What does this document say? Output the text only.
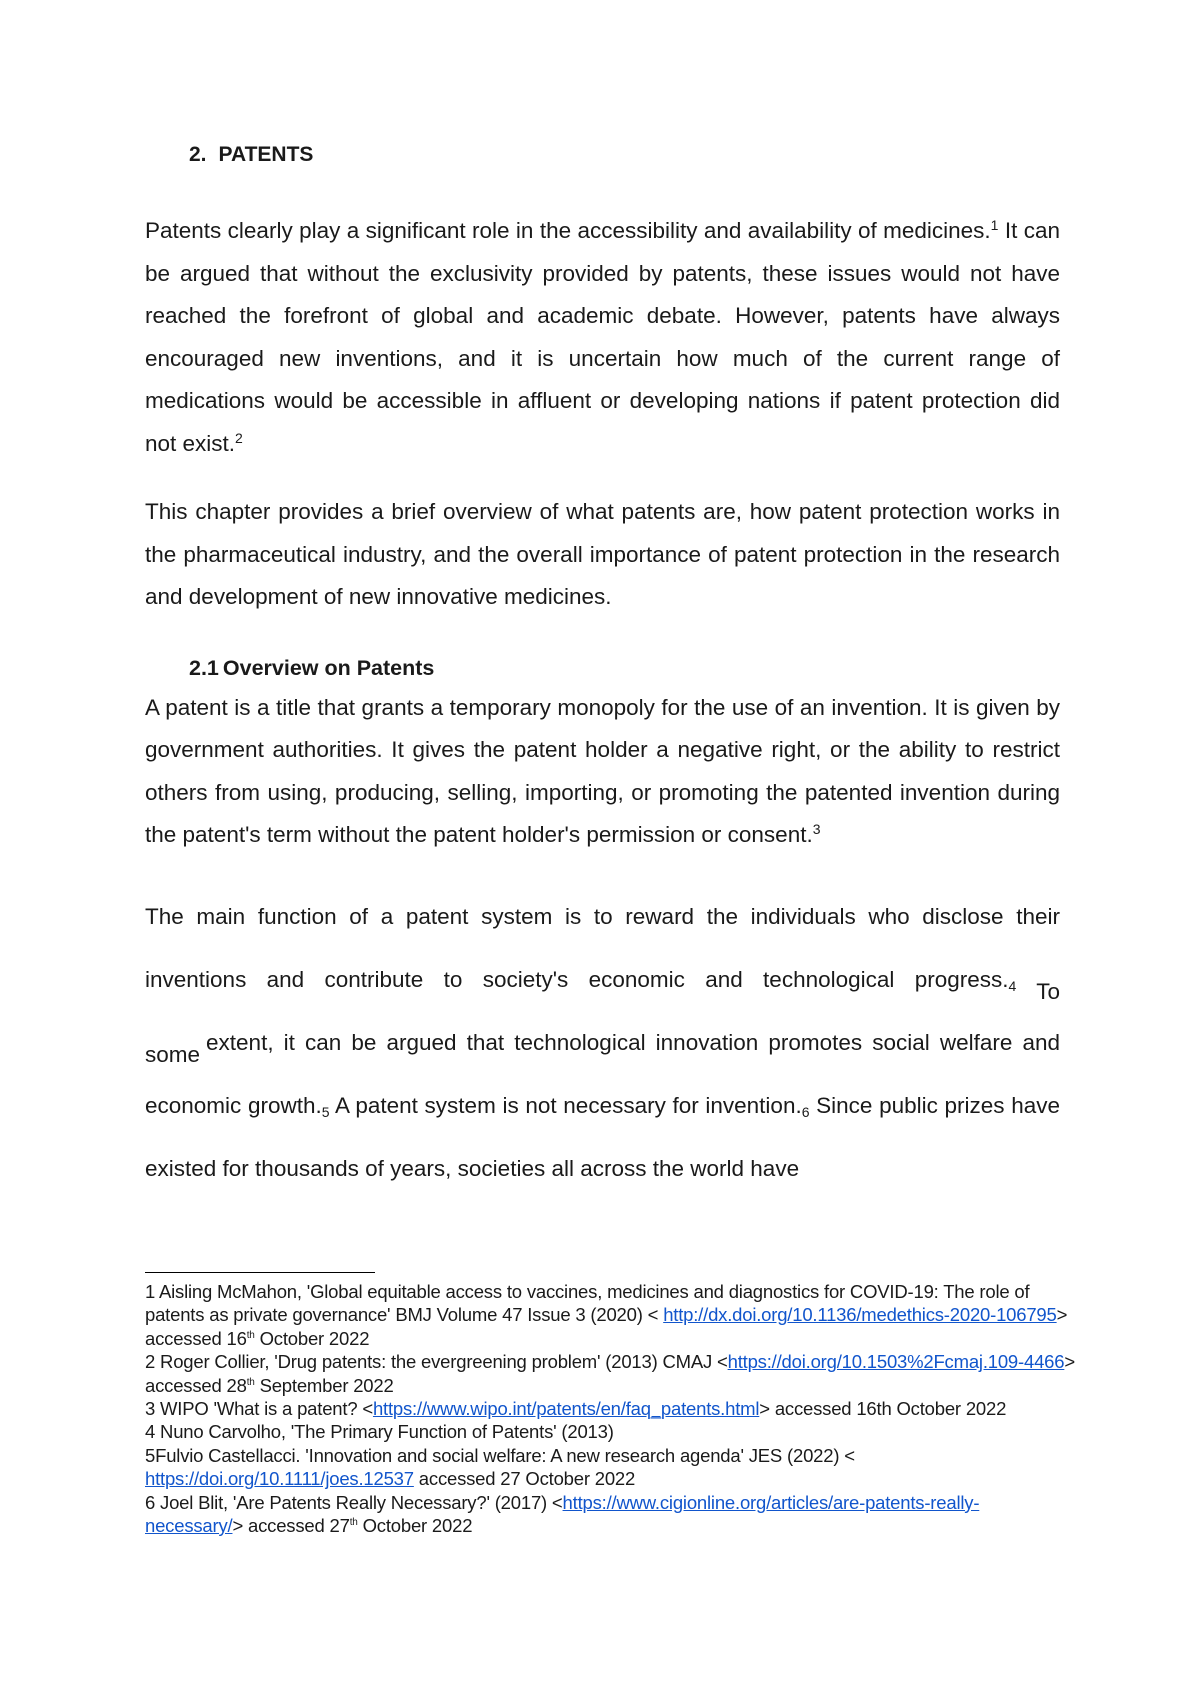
2. PATENTS

Patents clearly play a significant role in the accessibility and availability of medicines.$^1$ It can be argued that without the exclusivity provided by patents, these issues would not have reached the forefront of global and academic debate. However, patents have always encouraged new inventions, and it is uncertain how much of the current range of medications would be accessible in affluent or developing nations if patent protection did not exist.$^2$

This chapter provides a brief overview of what patents are, how patent protection works in the pharmaceutical industry, and the overall importance of patent protection in the research and development of new innovative medicines.

2.1 Overview on Patents

A patent is a title that grants a temporary monopoly for the use of an invention. It is given by government authorities. It gives the patent holder a negative right, or the ability to restrict others from using, producing, selling, importing, or promoting the patented invention during the patent's term without the patent holder's permission or consent.$^3$

The main function of a patent system is to reward the individuals who disclose their inventions and contribute to society's economic and technological progress.4 To some extent, it can be argued that technological innovation promotes social welfare and economic growth.5 A patent system is not necessary for invention.6 Since public prizes have existed for thousands of years, societies all across the world have

1 Aisling McMahon, 'Global equitable access to vaccines, medicines and diagnostics for COVID-19: The role of patents as private governance' BMJ Volume 47 Issue 3 (2020) < http://dx.doi.org/10.1136/medethics-2020-106795> accessed 16th October 2022
2 Roger Collier, 'Drug patents: the evergreening problem' (2013) CMAJ <https://doi.org/10.1503%2Fcmaj.109-4466> accessed 28th September 2022
3 WIPO 'What is a patent? <https://www.wipo.int/patents/en/faq_patents.html> accessed 16th October 2022
4 Nuno Carvolho, 'The Primary Function of Patents' (2013)
5Fulvio Castellacci. 'Innovation and social welfare: A new research agenda' JES (2022) < https://doi.org/10.1111/joes.12537 accessed 27 October 2022
6 Joel Blit, 'Are Patents Really Necessary?' (2017) <https://www.cigionline.org/articles/are-patents-really-necessary/> accessed 27th October 2022
